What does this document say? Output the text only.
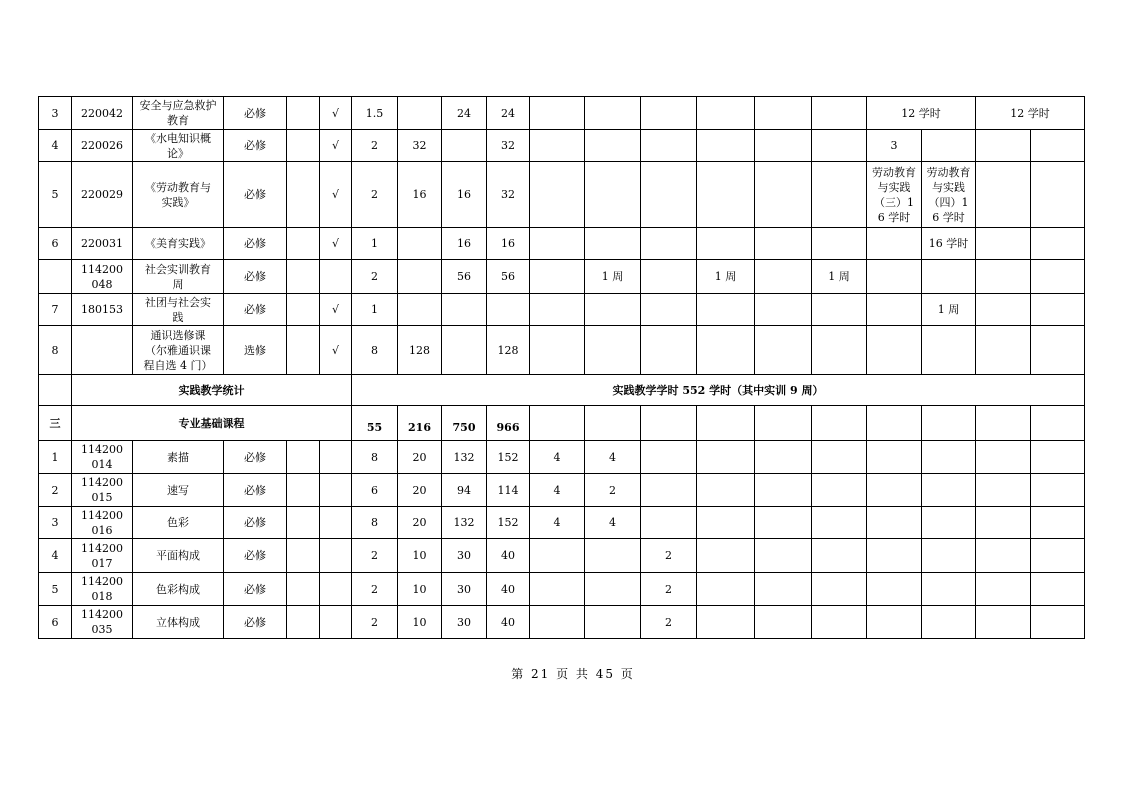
3	220042	安全与应急救护教育	必修		√	1.5		24	24							12 学时		12 学时	
4	220026	《水电知识概论》	必修		√	2	32		32							3			
5	220029	《劳动教育与实践》	必修		√	2	16	16	32							劳动教育与实践（三）16 学时	劳动教育与实践（四）16 学时		
6	220031	《美育实践》	必修		√	1		16	16								16 学时		
	114200048	社会实训教育周	必修			2		56	56		1 周		1 周		1 周				
7	180153	社团与社会实践	必修		√	1											1 周		
8		通识选修课（尔雅通识课程自选 4 门）	选修		√	8	128		128										
	实践教学统计					实践教学学时 552 学时（其中实训 9 周）													
三	专业基础课程					55	216	750	966										
1	114200014	素描	必修			8	20	132	152	4	4								
2	114200015	速写	必修			6	20	94	114	4	2								
3	114200016	色彩	必修			8	20	132	152	4	4								
4	114200017	平面构成	必修			2	10	30	40			2							
5	114200018	色彩构成	必修			2	10	30	40			2							
6	114200035	立体构成	必修			2	10	30	40			2							
第 21 页 共 45 页
